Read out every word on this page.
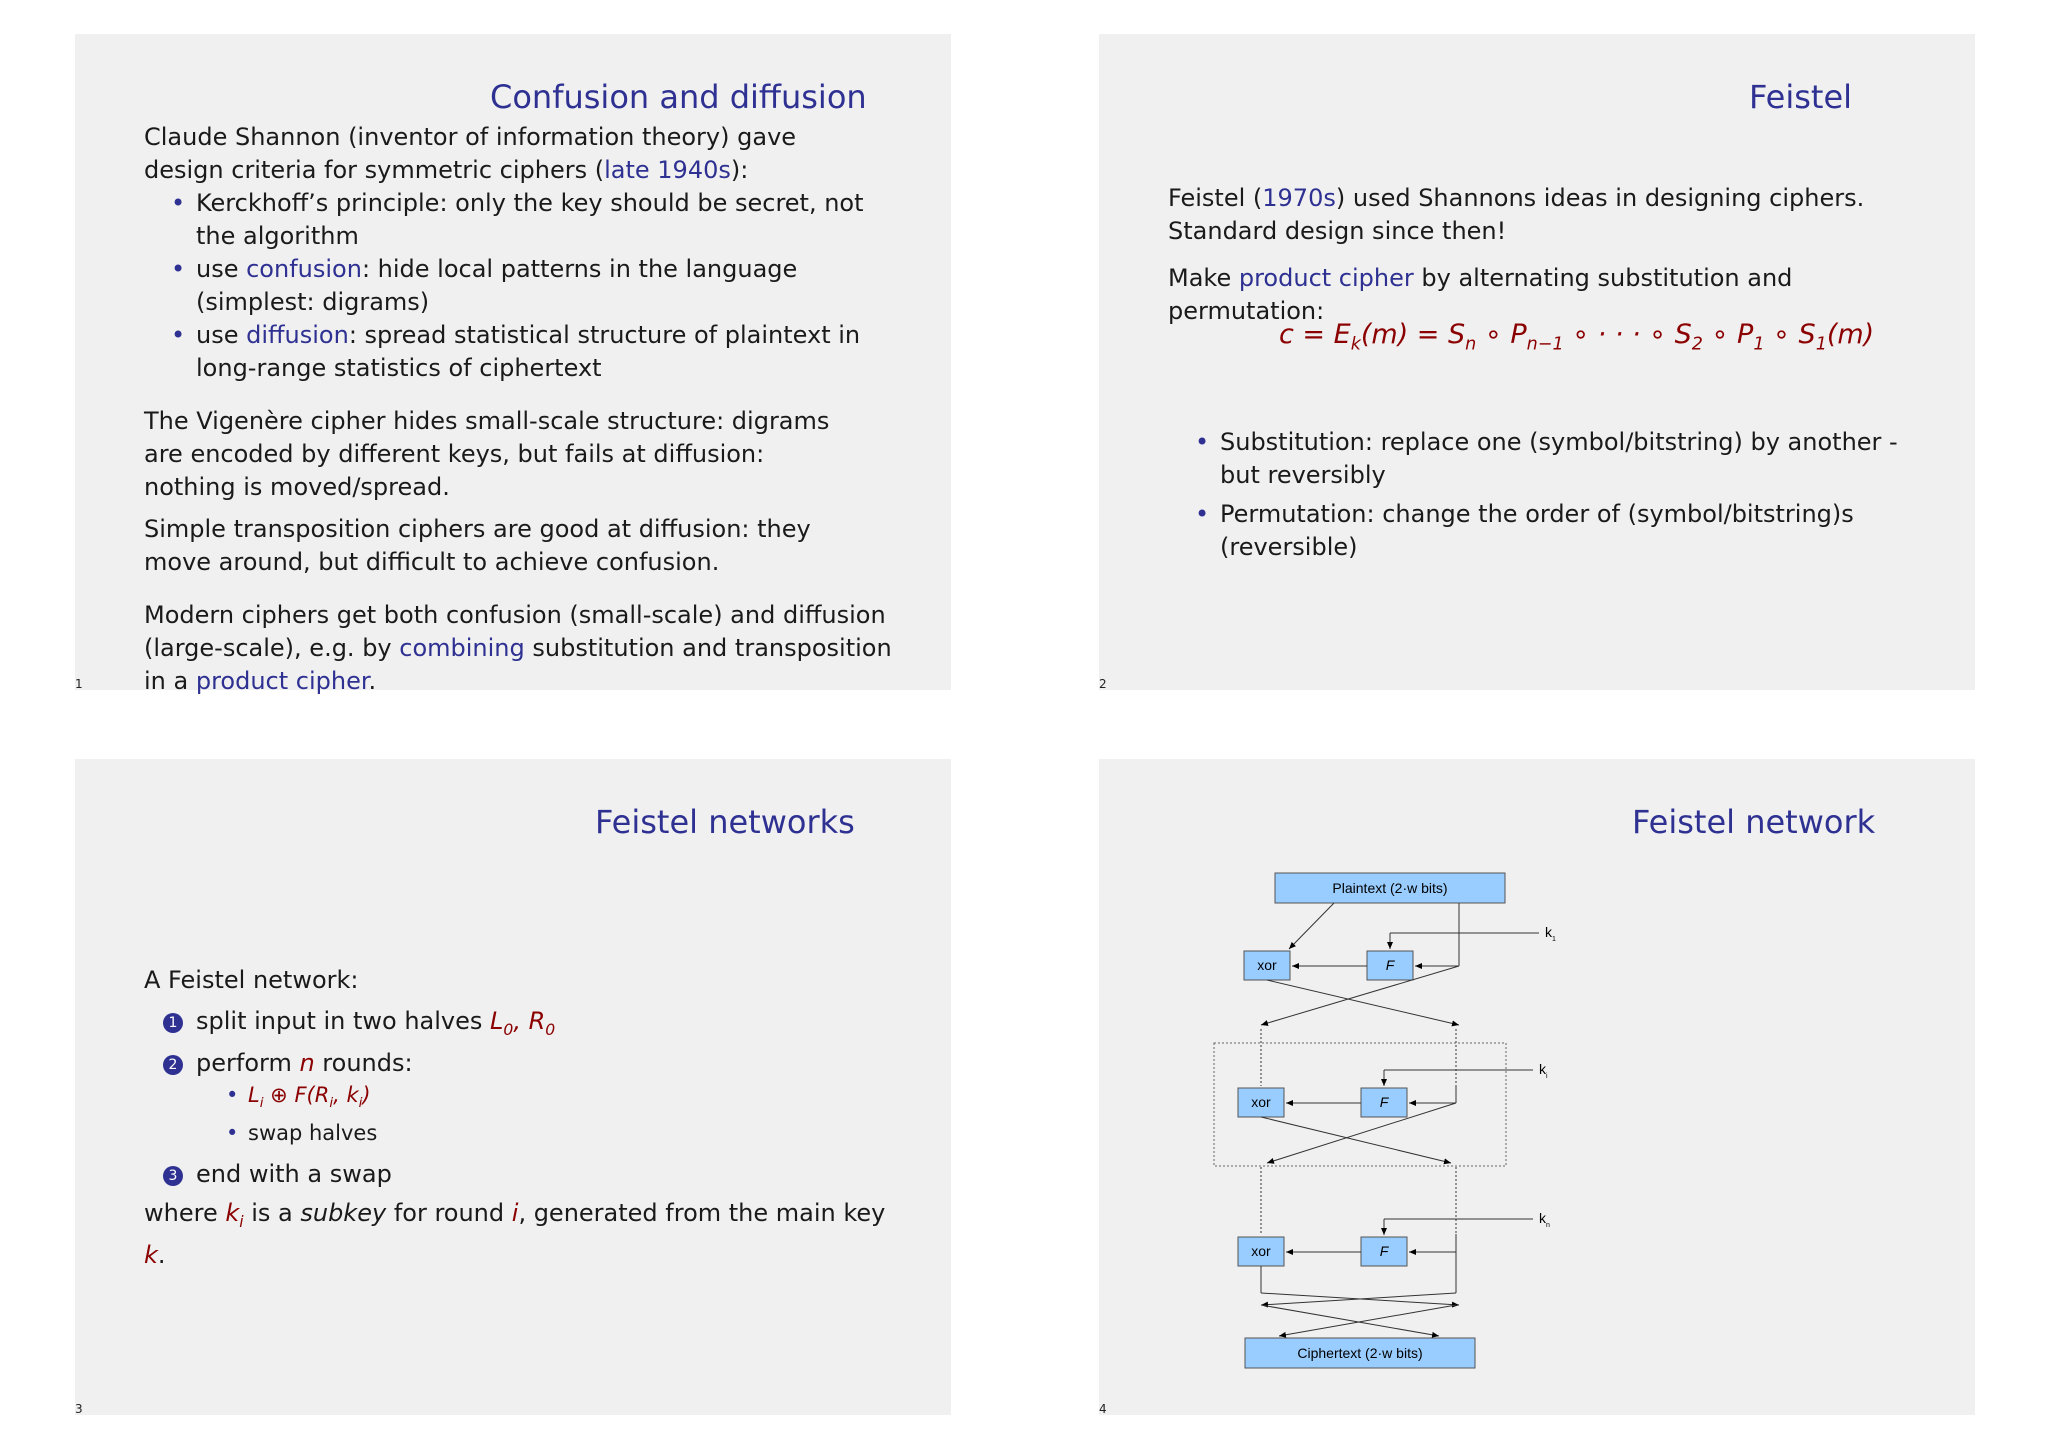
Confusion and diffusion

Claude Shannon (inventor of information theory) gave design criteria for symmetric ciphers (late 1940s):

• Kerckhoff’s principle: only the key should be secret, not the algorithm
• use confusion: hide local patterns in the language (simplest: digrams)
• use diffusion: spread statistical structure of plaintext in long-range statistics of ciphertext

The Vigenère cipher hides small-scale structure: digrams are encoded by different keys, but fails at diffusion: nothing is moved/spread.

Simple transposition ciphers are good at diffusion: they move around, but difficult to achieve confusion.

Modern ciphers get both confusion (small-scale) and diffusion (large-scale), e.g. by combining substitution and transposition in a product cipher.

1
Feistel

Feistel (1970s) used Shannons ideas in designing ciphers. Standard design since then!

Make product cipher by alternating substitution and permutation:

$c = E_k(m) = S_n$ ∘ $P_{n-1}$ ∘ · · · ∘ $S_2$ ∘ $P_1$ ∘ $S_1(m)$
• Substitution: replace one (symbol/bitstring) by another - but reversibly
• Permutation: change the order of (symbol/bitstring)s (reversible)
2
Feistel networks

A Feistel network:

1 split input in two halves $L_0$, $R_0$
2 perform n rounds:
• $L_i$ ⊕ $F(R_i$, $k_i$)
• swap halves
3 end with a swap

where $k_i$ is a subkey for round i, generated from the main key k.

3
Feistel network
Plaintext (2·w bits)
xor	F
$k_1$
xor	F
$k_i$
xor	F
$k_n$
Ciphertext (2·w bits)
4
